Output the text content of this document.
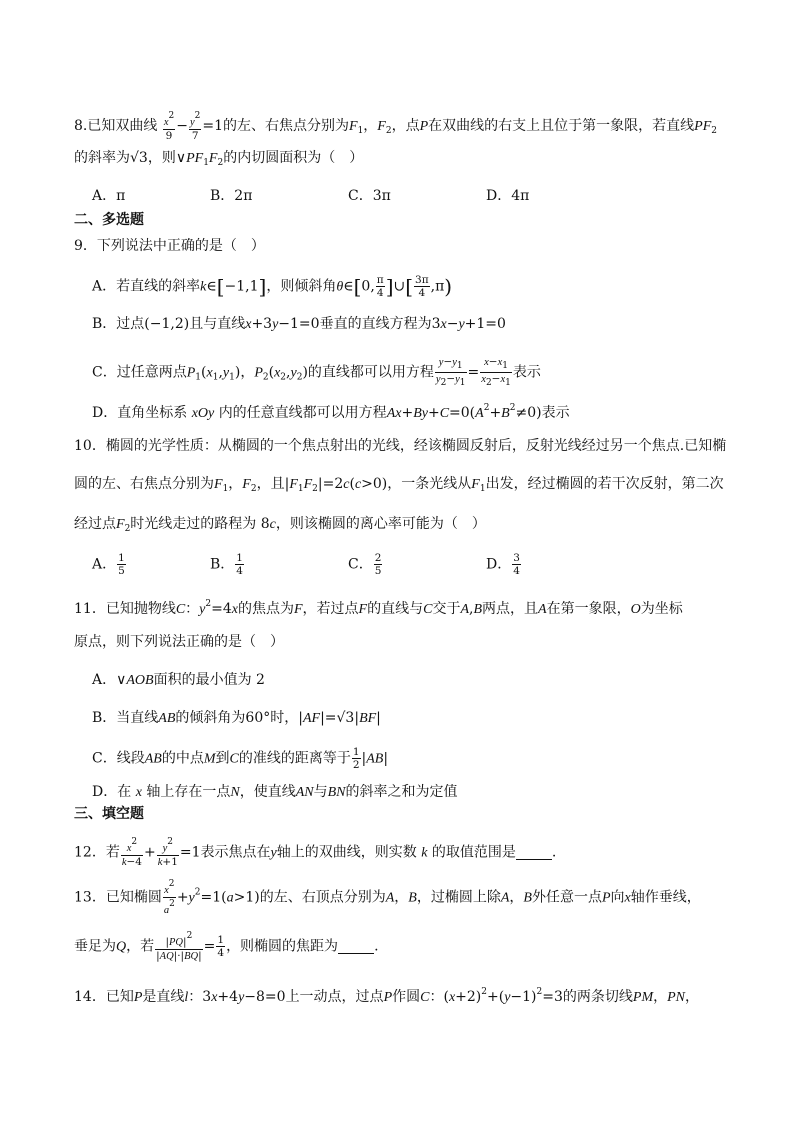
8.已知双曲线 $\frac{x2}{9} - \frac{y2}{7} =1$的左、右焦点分别为$F_1$，$F_2$，点P在双曲线的右支上且位于第一象限，若直线$PF_2$
的斜率为√3，则$\vee PF_1F_2$的内切圆面积为（　）
A．π	B．2π	C．3π	D．4π
二、多选题
9．下列说法中正确的是（　）
A．若直线的斜率k∈[−1,1]，则倾斜角θ∈[0, $\frac{\pi}{4}$ ]∪[ $\frac{3\pi}{4} ,\pi$)
B．过点(−1,2)且与直线x+3y−1=0垂直的直线方程为3x−y+1=0
C．过任意两点$P_1(x_1,y_1)$，$P_2(x_2,y_2)$的直线都可以用方程 $\frac{y-y1}{y2-y1} = \frac{x-x1}{x2-x1}$ 表示
D．直角坐标系 xOy 内的任意直线都可以用方程$Ax+By+C=0(A^2+B^2\ne 0)$表示
10．椭圆的光学性质：从椭圆的一个焦点射出的光线，经该椭圆反射后，反射光线经过另一个焦点.已知椭
圆的左、右焦点分别为$F_1$，$F_2$，且$|F_1F_2|=2c(c>0)$，一条光线从$F_1$出发，经过椭圆的若干次反射，第二次
经过点$F_2$时光线走过的路程为 8c，则该椭圆的离心率可能为（　）
A． $\frac{1}{5}$	B． $\frac{1}{4}$	C． $\frac{2}{5}$	D． $\frac{3}{4}$
11．已知抛物线C：$y^2=4x$的焦点为F，若过点F的直线与C交于A,B两点，且A在第一象限，O为坐标
原点，则下列说法正确的是（　）
A．∨AOB面积的最小值为 2
B．当直线AB的倾斜角为60°时，|AF|=√3|BF|
C．线段AB的中点M到C的准线的距离等于 $\frac{1}{2} |AB|$
D．在 x 轴上存在一点N，使直线AN与BN的斜率之和为定值
三、填空题
12．若 $\frac{x2}{k-4} + \frac{y2}{k+1} =1$表示焦点在y轴上的双曲线，则实数 k 的取值范围是	.
13．已知椭圆 $\frac{x2}{a2} +y^2=1(a>1)$的左、右顶点分别为A，B，过椭圆上除A，B外任意一点P向x轴作垂线，
垂足为Q，若 $\frac{|PQ|2}{|AQ|\cdot|BQ|} = \frac{1}{4}$ ，则椭圆的焦距为	.
14．已知P是直线l：3x+4y−8=0上一动点，过点P作圆C：$(x+2)^2+(y-1)^2=3$的两条切线PM，PN，
